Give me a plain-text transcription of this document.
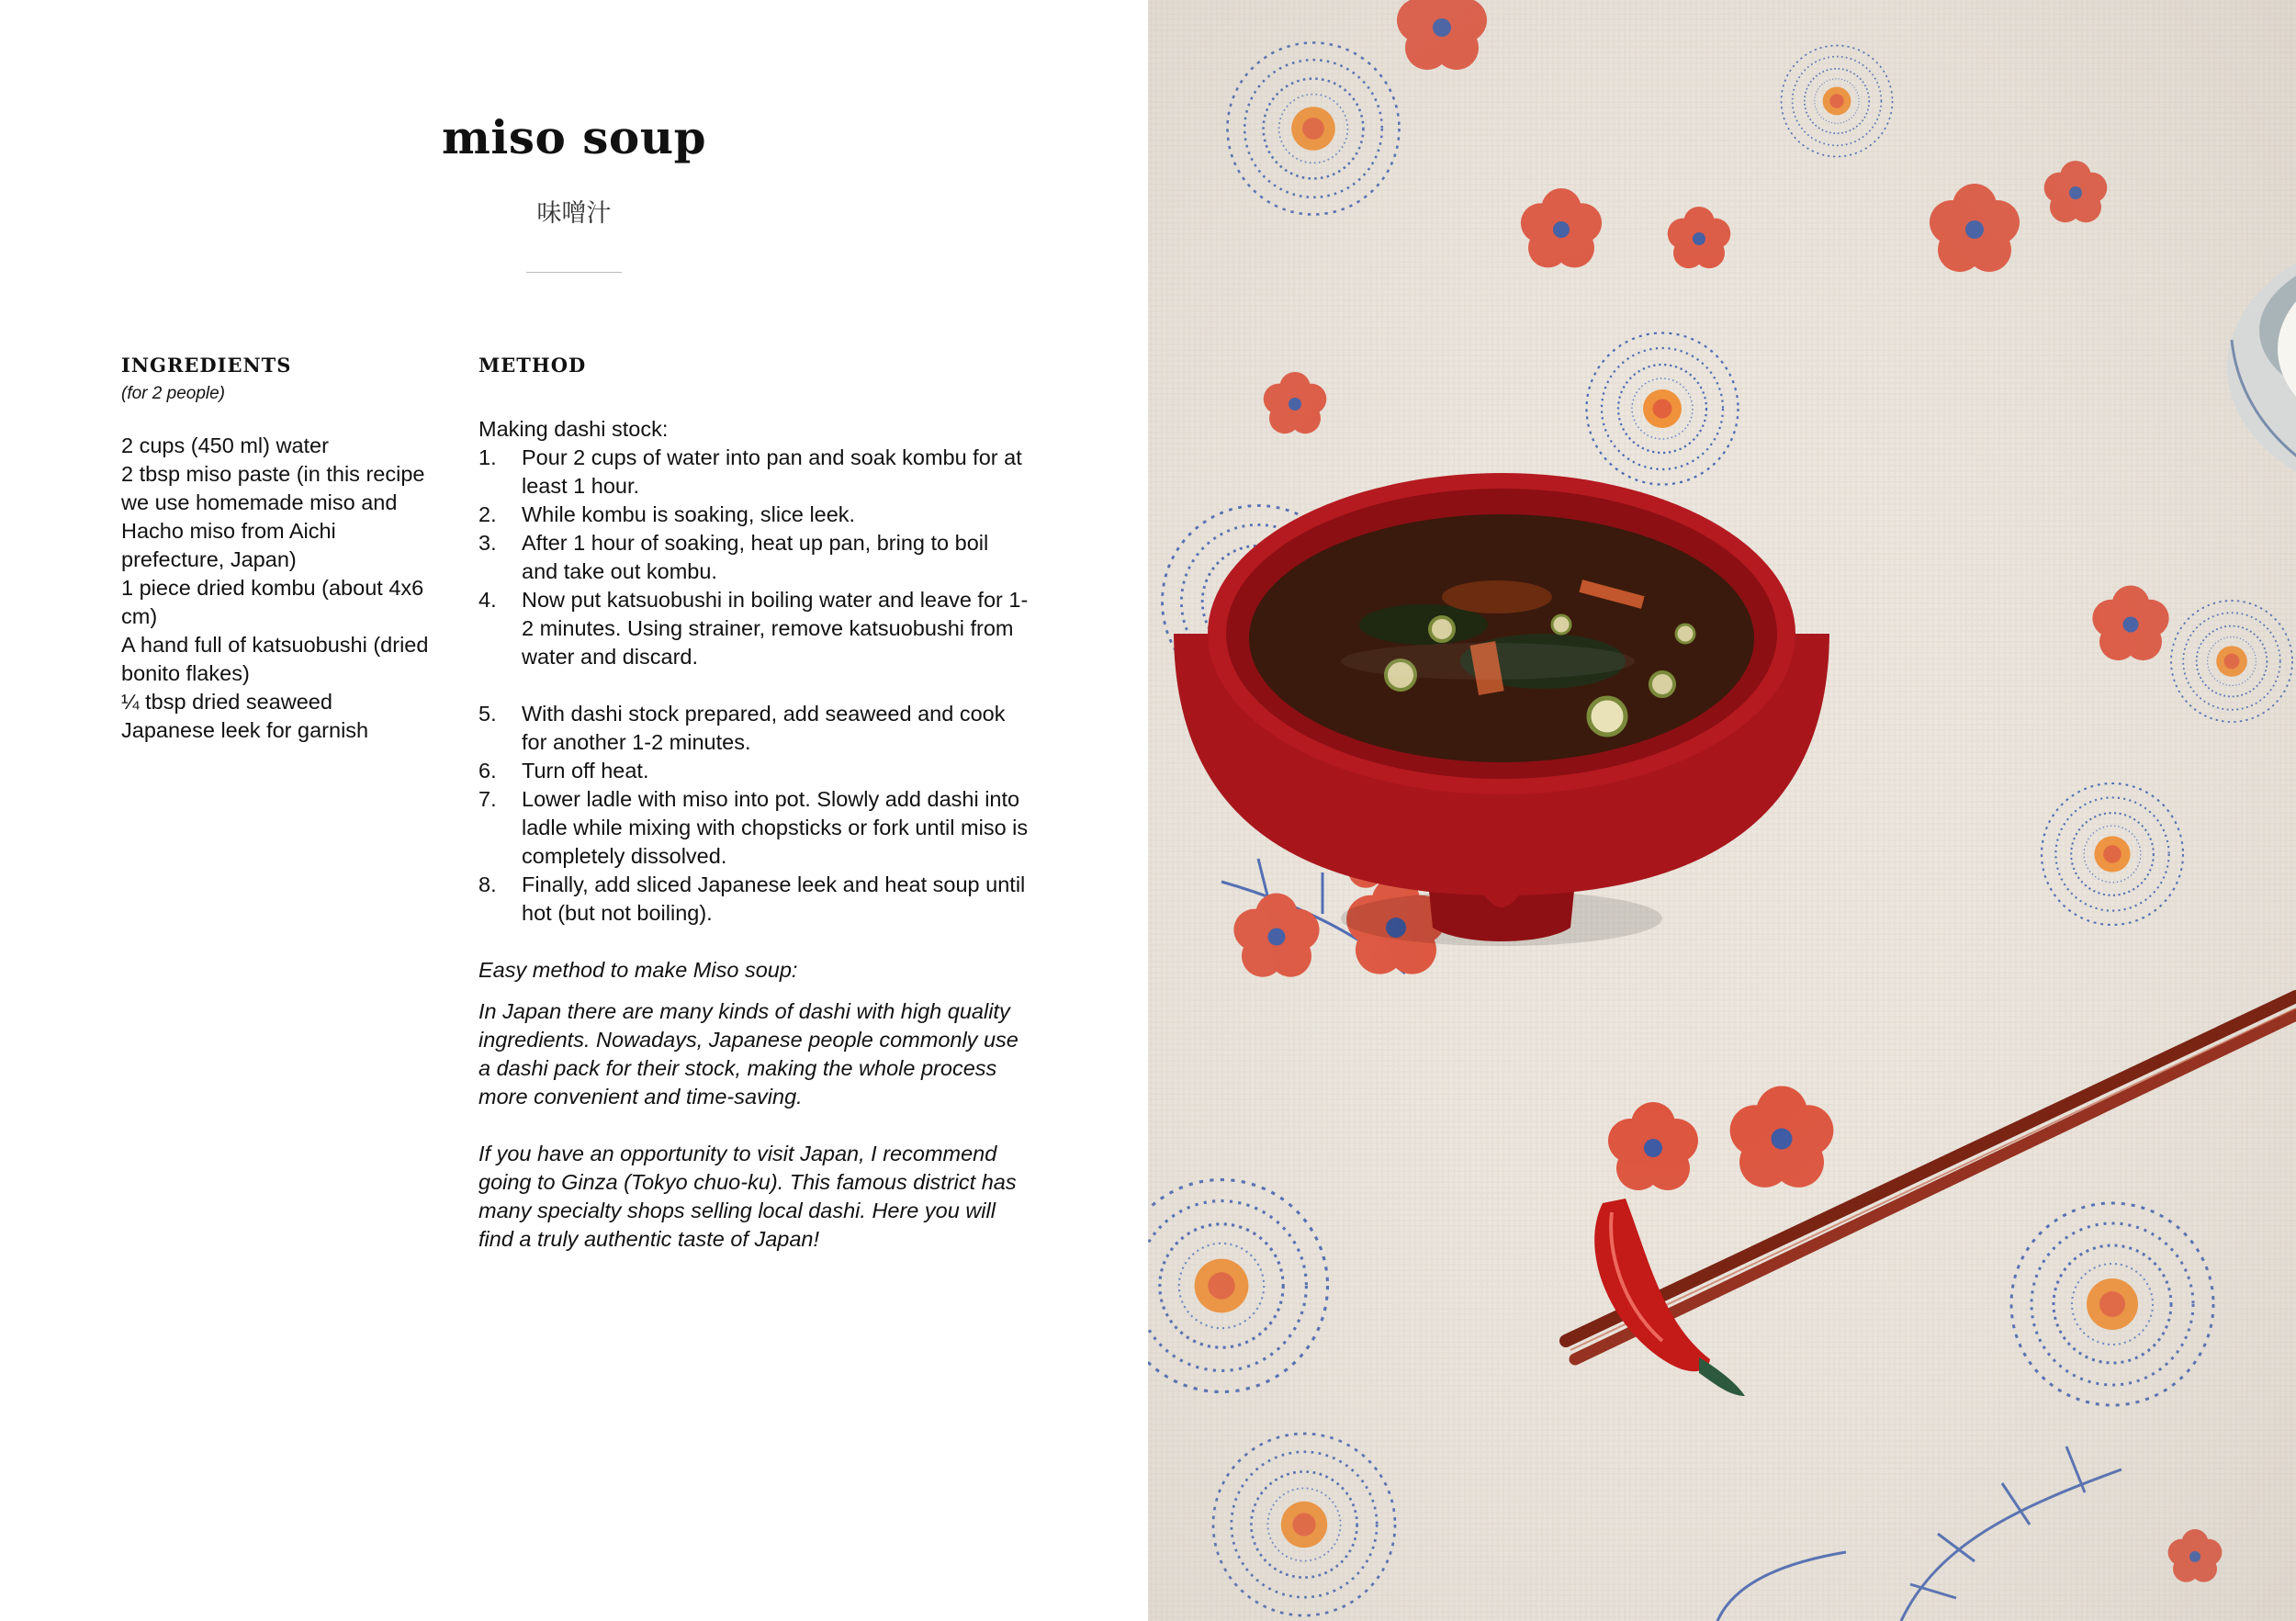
miso soup
味噌汁
INGREDIENTS

(for 2 people)

2 cups (450 ml) water
2 tbsp miso paste (in this recipe we use homemade miso and Hacho miso from Aichi prefecture, Japan)
1 piece dried kombu (about 4x6 cm)
A hand full of katsuobushi (dried bonito flakes)
¼ tbsp dried seaweed
Japanese leek for garnish
METHOD

Making dashi stock:

1. Pour 2 cups of water into pan and soak kombu for at least 1 hour.
2. While kombu is soaking, slice leek.
3. After 1 hour of soaking, heat up pan, bring to boil and take out kombu.
4. Now put katsuobushi in boiling water and leave for 1-2 minutes. Using strainer, remove katsuobushi from water and discard.
5. With dashi stock prepared, add seaweed and cook for another 1-2 minutes.
6. Turn off heat.
7. Lower ladle with miso into pot. Slowly add dashi into ladle while mixing with chopsticks or fork until miso is completely dissolved.
8. Finally, add sliced Japanese leek and heat soup until hot (but not boiling).

Easy method to make Miso soup:

In Japan there are many kinds of dashi with high quality ingredients. Nowadays, Japanese people commonly use a dashi pack for their stock, making the whole process more convenient and time-saving.

If you have an opportunity to visit Japan, I recommend going to Ginza (Tokyo chuo-ku). This famous district has many specialty shops selling local dashi. Here you will find a truly authentic taste of Japan!
